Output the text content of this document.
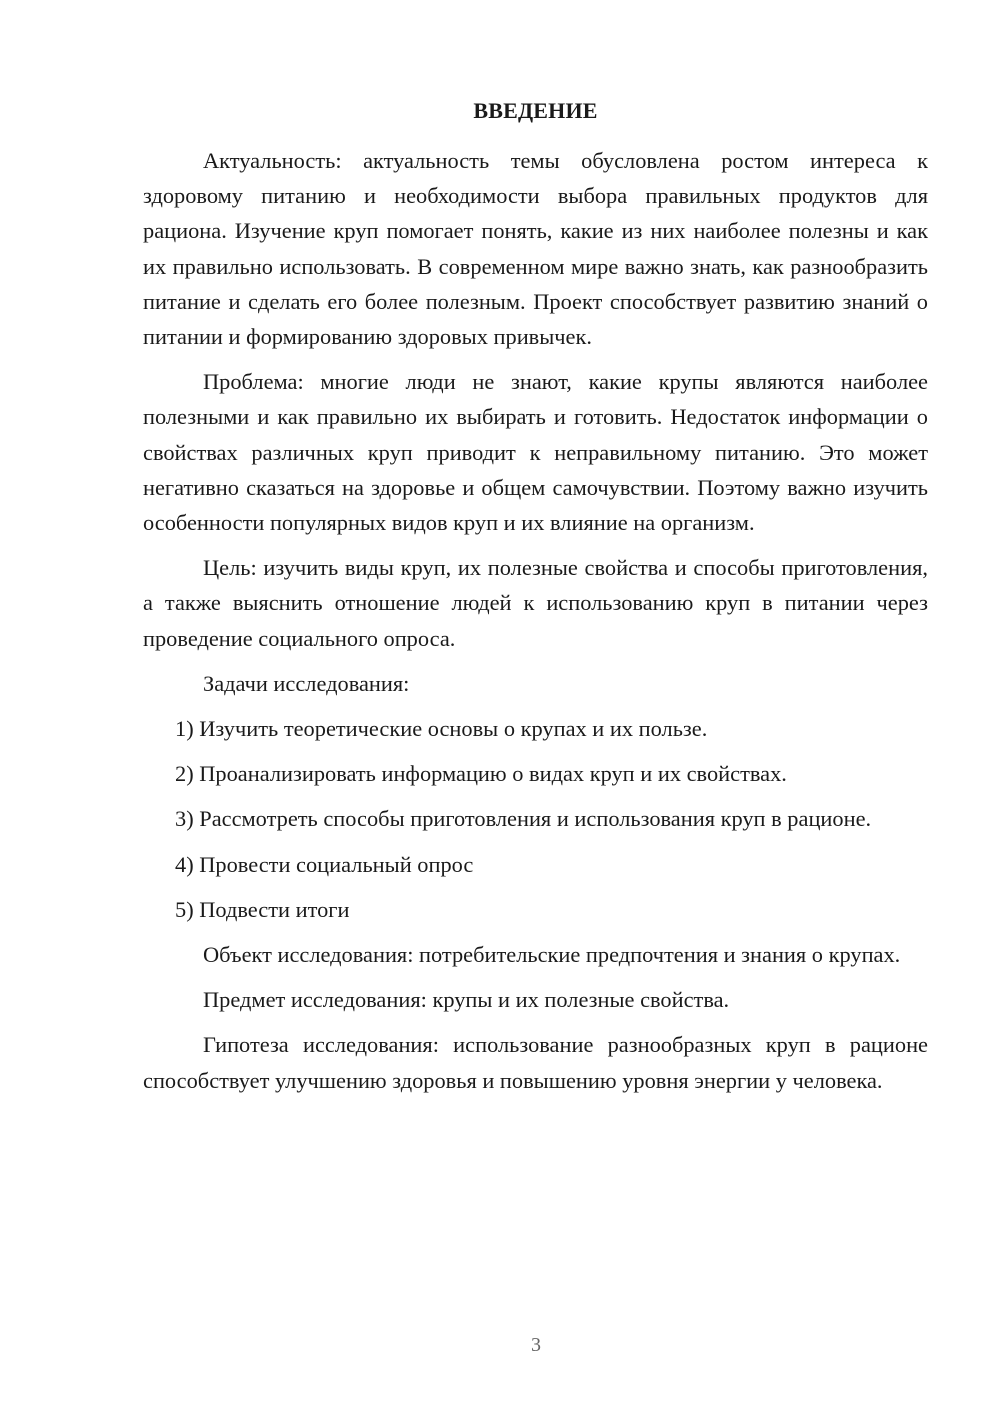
ВВЕДЕНИЕ

Актуальность: актуальность темы обусловлена ростом интереса к здоровому питанию и необходимости выбора правильных продуктов для рациона. Изучение круп помогает понять, какие из них наиболее полезны и как их правильно использовать. В современном мире важно знать, как разнообразить питание и сделать его более полезным. Проект способствует развитию знаний о питании и формированию здоровых привычек.

Проблема: многие люди не знают, какие крупы являются наиболее полезными и как правильно их выбирать и готовить. Недостаток информации о свойствах различных круп приводит к неправильному питанию. Это может негативно сказаться на здоровье и общем самочувствии. Поэтому важно изучить особенности популярных видов круп и их влияние на организм.

Цель: изучить виды круп, их полезные свойства и способы приготовления, а также выяснить отношение людей к использованию круп в питании через проведение социального опроса.

Задачи исследования:

1) Изучить теоретические основы о крупах и их пользе.

2) Проанализировать информацию о видах круп и их свойствах.

3) Рассмотреть способы приготовления и использования круп в рационе.

4) Провести социальный опрос

5) Подвести итоги

Объект исследования: потребительские предпочтения и знания о крупах.

Предмет исследования: крупы и их полезные свойства.

Гипотеза исследования: использование разнообразных круп в рационе способствует улучшению здоровья и повышению уровня энергии у человека.

3
